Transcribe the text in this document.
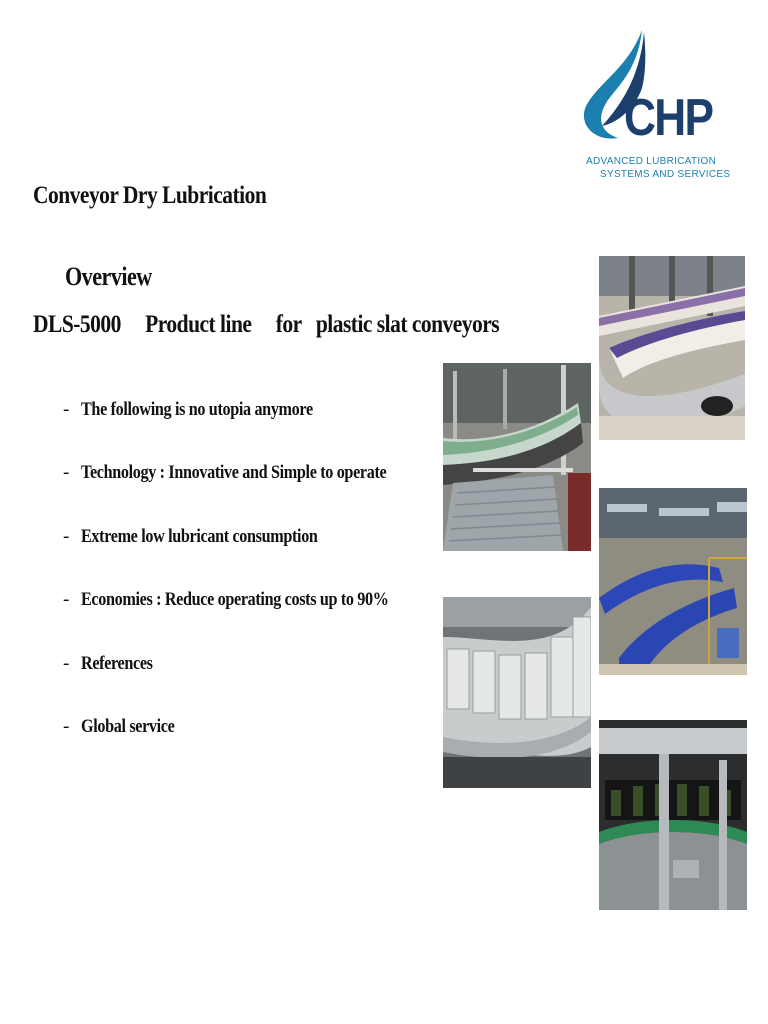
Conveyor Dry Lubrication

DLS-5000     Product line     for   plastic slat conveyors

CHP
ADVANCED LUBRICATION
SYSTEMS AND SERVICES
Overview
- The following is no utopia anymore
- Technology : Innovative and Simple to operate
- Extreme low lubricant consumption
- Economies : Reduce operating costs up to 90%
- References
- Global service
